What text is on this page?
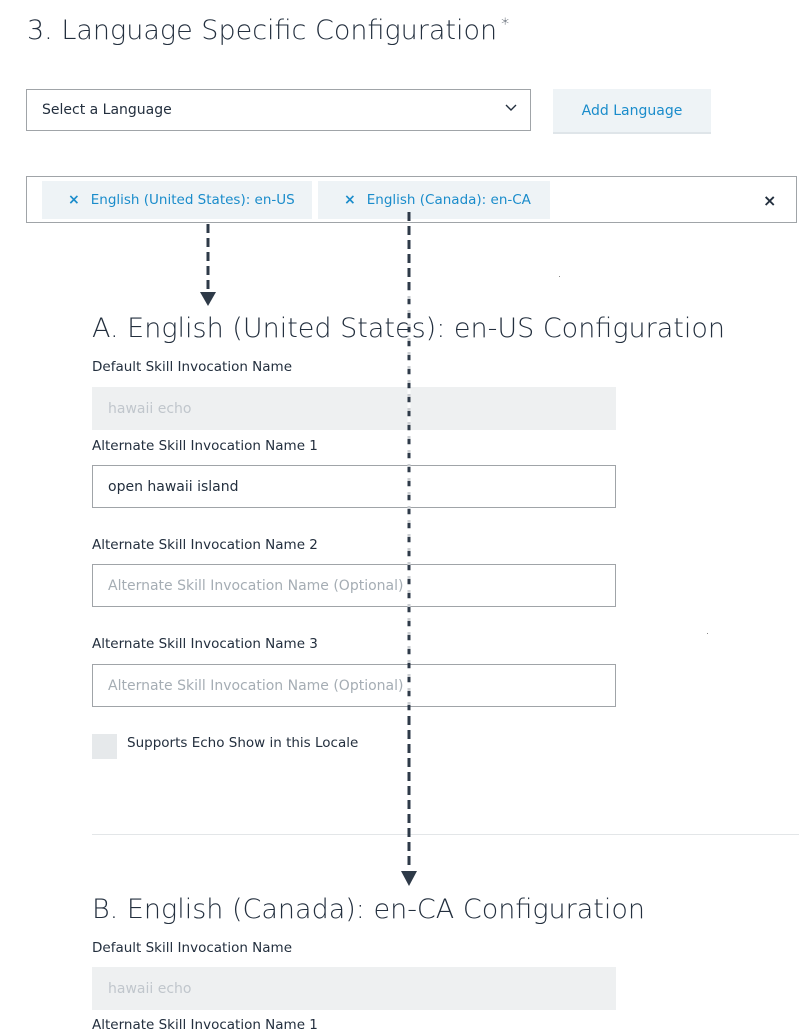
3. Language Specific Configuration *
Select a Language	Add Language
× English (United States): en-US	× English (Canada): en-CA	×
A. English (United States): en-US Configuration
Default Skill Invocation Name
hawaii echo
Alternate Skill Invocation Name 1
open hawaii island
Alternate Skill Invocation Name 2
Alternate Skill Invocation Name (Optional)
Alternate Skill Invocation Name 3
Alternate Skill Invocation Name (Optional)
Supports Echo Show in this Locale
B. English (Canada): en-CA Configuration
Default Skill Invocation Name
hawaii echo
Alternate Skill Invocation Name 1
